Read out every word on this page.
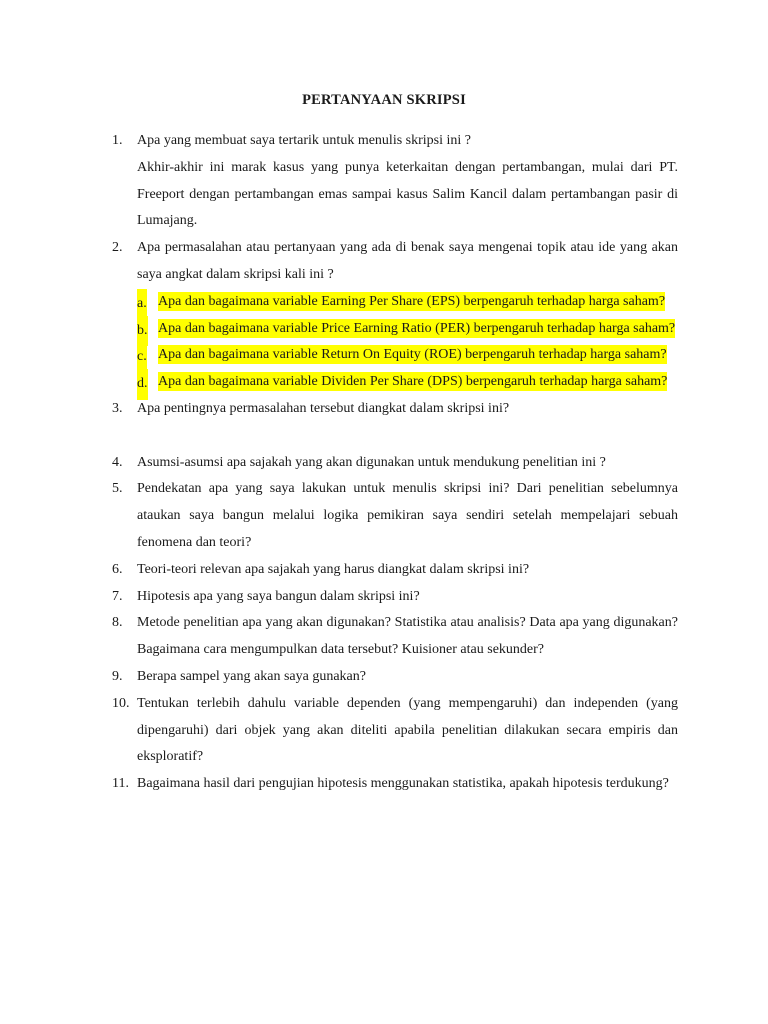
PERTANYAAN SKRIPSI
1. Apa yang membuat saya tertarik untuk menulis skripsi ini ?
Akhir-akhir ini marak kasus yang punya keterkaitan dengan pertambangan, mulai dari PT. Freeport dengan pertambangan emas sampai kasus Salim Kancil dalam pertambangan pasir di Lumajang.
2. Apa permasalahan atau pertanyaan yang ada di benak saya mengenai topik atau ide yang akan saya angkat dalam skripsi kali ini ?
a. Apa dan bagaimana variable Earning Per Share (EPS) berpengaruh terhadap harga saham?
b. Apa dan bagaimana variable Price Earning Ratio (PER) berpengaruh terhadap harga saham?
c. Apa dan bagaimana variable Return On Equity (ROE) berpengaruh terhadap harga saham?
d. Apa dan bagaimana variable Dividen Per Share (DPS) berpengaruh terhadap harga saham?
3. Apa pentingnya permasalahan tersebut diangkat dalam skripsi ini?
4. Asumsi-asumsi apa sajakah yang akan digunakan untuk mendukung penelitian ini ?
5. Pendekatan apa yang saya lakukan untuk menulis skripsi ini? Dari penelitian sebelumnya ataukan saya bangun melalui logika pemikiran saya sendiri setelah mempelajari sebuah fenomena dan teori?
6. Teori-teori relevan apa sajakah yang harus diangkat dalam skripsi ini?
7. Hipotesis apa yang saya bangun dalam skripsi ini?
8. Metode penelitian apa yang akan digunakan? Statistika atau analisis? Data apa yang digunakan? Bagaimana cara mengumpulkan data tersebut? Kuisioner atau sekunder?
9. Berapa sampel yang akan saya gunakan?
10. Tentukan terlebih dahulu variable dependen (yang mempengaruhi) dan independen (yang dipengaruhi) dari objek yang akan diteliti apabila penelitian dilakukan secara empiris dan eksploratif?
11. Bagaimana hasil dari pengujian hipotesis menggunakan statistika, apakah hipotesis terdukung?
